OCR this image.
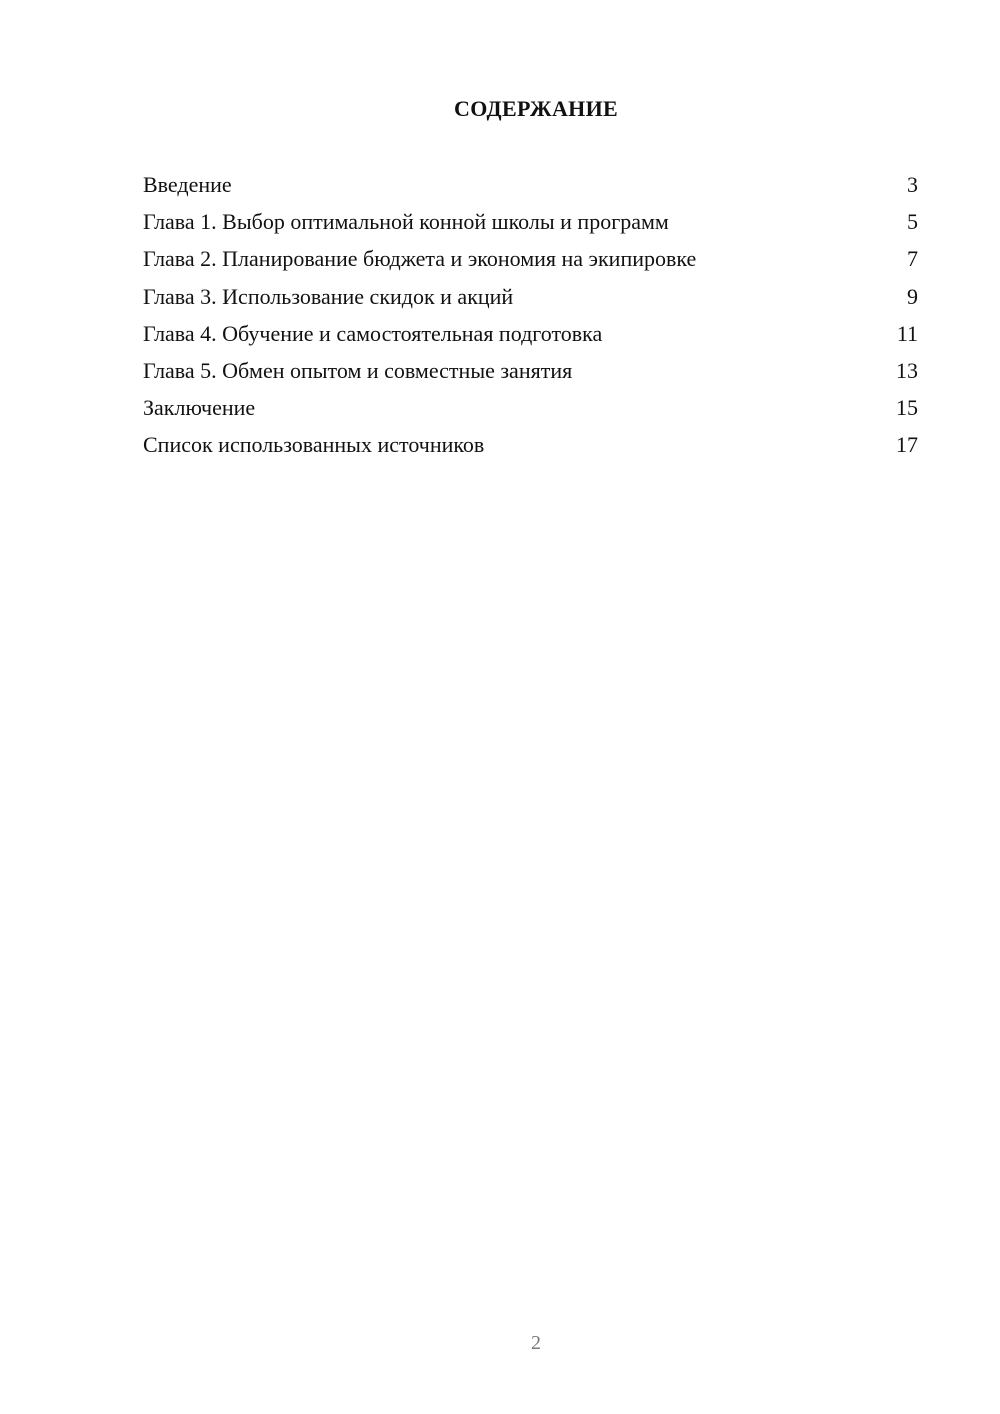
СОДЕРЖАНИЕ
Введение	3
Глава 1. Выбор оптимальной конной школы и программ	5
Глава 2. Планирование бюджета и экономия на экипировке	7
Глава 3. Использование скидок и акций	9
Глава 4. Обучение и самостоятельная подготовка	11
Глава 5. Обмен опытом и совместные занятия	13
Заключение	15
Список использованных источников	17
2
